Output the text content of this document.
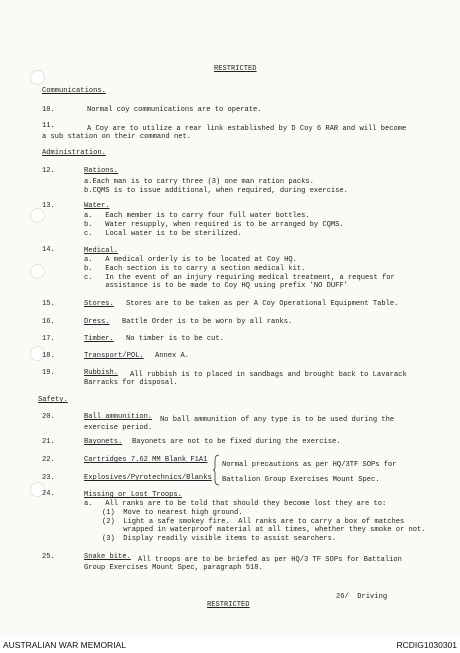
RESTRICTED
Communications.
10.	Normal coy communications are to operate.
11.	A Coy are to utilize a rear link established by D Coy 6 RAR and will become
a sub station on their command net.
Administration.
12.	Rations.
a.Each man is to carry three (3) one man ration packs.
b.CQMS is to issue additional, when required, during exercise.
13.	Water.
a.   Each member is to carry four full water bottles.
b.   Water resupply, when required is to be arranged by CQMS.
c.   Local water is to be sterilized.
14.	Medical.
a.   A medical orderly is to be located at Coy HQ.
b.   Each section is to carry a section medical kit.
c.   In the event of an injury requiring medical treatment, a request for
assistance is to be made to Coy HQ using prefix 'NO DUFF'
15.	Stores. Stores are to be taken as per A Coy Operational Equipment Table.
16.	Dress. Battle Order is to be worn by all ranks.
17.	Timber. No timber is to be cut.
18.	Transport/POL. Annex A.
19.	Rubbish. All rubbish is to placed in sandbags and brought back to Lavarack
Barracks for disposal.
Safety.
20.	Ball ammunition. No ball ammunition of any type is to be used during the
exercise period.
21.	Bayonets. Bayonets are not to be fixed during the exercise.
22.	Cartridges 7.62 MM Blank F1A1
23.	Explosives/Pyrotechnics/Blanks
Normal precautions as per HQ/3TF SOPs for
Battalion Group Exercises Mount Spec.
24.	Missing or Lost Troops.
a.   All ranks are to be told that should they become lost they are to:
(1)  Move to nearest high ground.
(2)  Light a safe smokey fire.  All ranks are to carry a box of matches
wrapped in waterproof material at all times, whether they smoke or not.
(3)  Display readily visible items to assist searchers.
25.	Snake bite. All troops are to be briefed as per HQ/3 TF SOPs for Battalion
Group Exercises Mount Spec, paragraph 518.
26/  Driving
RESTRICTED
AUSTRALIAN WAR MEMORIAL	RCDIG1030301
